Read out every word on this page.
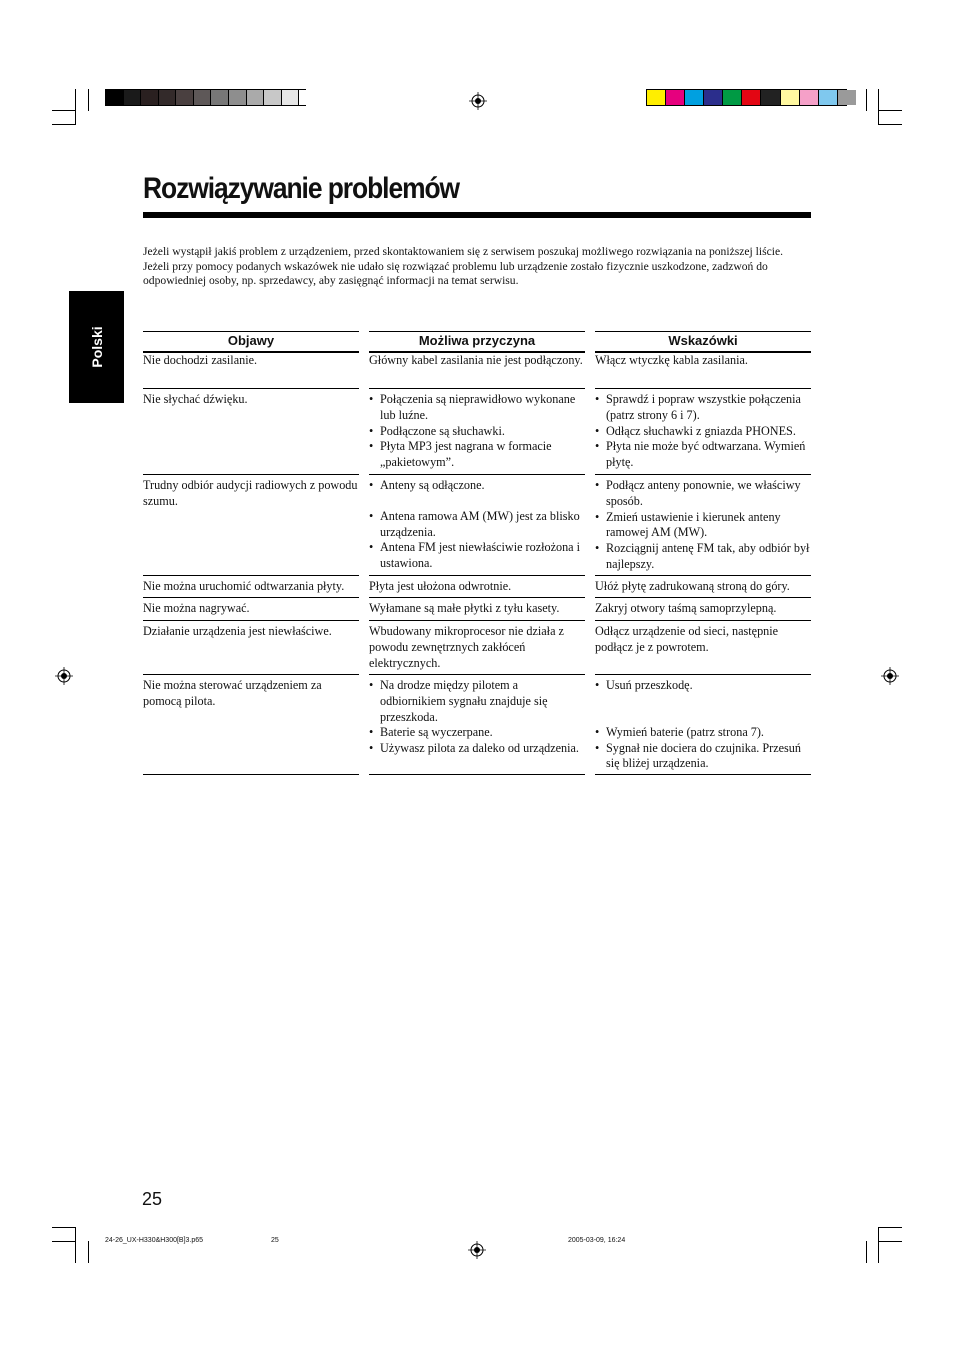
Polski
Rozwiązywanie problemów

Jeżeli wystąpił jakiś problem z urządzeniem, przed skontaktowaniem się z serwisem poszukaj możliwego rozwiązania na poniższej liście.

Jeżeli przy pomocy podanych wskazówek nie udało się rozwiązać problemu lub urządzenie zostało fizycznie uszkodzone, zadzwoń do odpowiedniej osoby, np. sprzedawcy, aby zasięgnąć informacji na temat serwisu.

Objawy	Możliwa przyczyna	Wskazówki
Nie dochodzi zasilanie.	Główny kabel zasilania nie jest podłączony. Włącz wtyczkę kabla zasilania.
Nie słychać dźwięku.
•	Połączenia są nieprawidłowo wykonane lub luźne.
• Podłączone są słuchawki.
• Płyta MP3 jest nagrana w formacie „pakietowym”.
• Sprawdź i popraw wszystkie połączenia (patrz strony 6 i 7).
• Odłącz słuchawki z gniazda PHONES.
• Płyta nie może być odtwarzana. Wymień płytę.
Trudny odbiór audycji radiowych z powodu szumu.
• Anteny są odłączone.
• Antena ramowa AM (MW) jest za blisko urządzenia.
• Antena FM jest niewłaściwie rozłożona i ustawiona.
• Podłącz anteny ponownie, we właściwy sposób.
• Zmień ustawienie i kierunek anteny ramowej AM (MW).
• Rozciągnij antenę FM tak, aby odbiór był najlepszy.
Nie można uruchomić odtwarzania płyty.	Płyta jest ułożona odwrotnie.	Ułóż płytę zadrukowaną stroną do góry.
Nie można nagrywać.	Wyłamane są małe płytki z tyłu kasety.	Zakryj otwory taśmą samoprzylepną.
Działanie urządzenia jest niewłaściwe.	Wbudowany mikroprocesor nie działa z powodu zewnętrznych zakłóceń elektrycznych.
Odłącz urządzenie od sieci, następnie podłącz je z powrotem.
Nie można sterować urządzeniem za pomocą pilota.
• Na drodze między pilotem a odbiornikiem sygnału znajduje się przeszkoda.
• Baterie są wyczerpane.
• Używasz pilota za daleko od urządzenia.
• Usuń przeszkodę.
• Wymień baterie (patrz strona 7).
• Sygnał nie dociera do czujnika. Przesuń się bliżej urządzenia.
25
24-26_UX-H330&H300[B]3.p65	25	2005-03-09, 16:24
